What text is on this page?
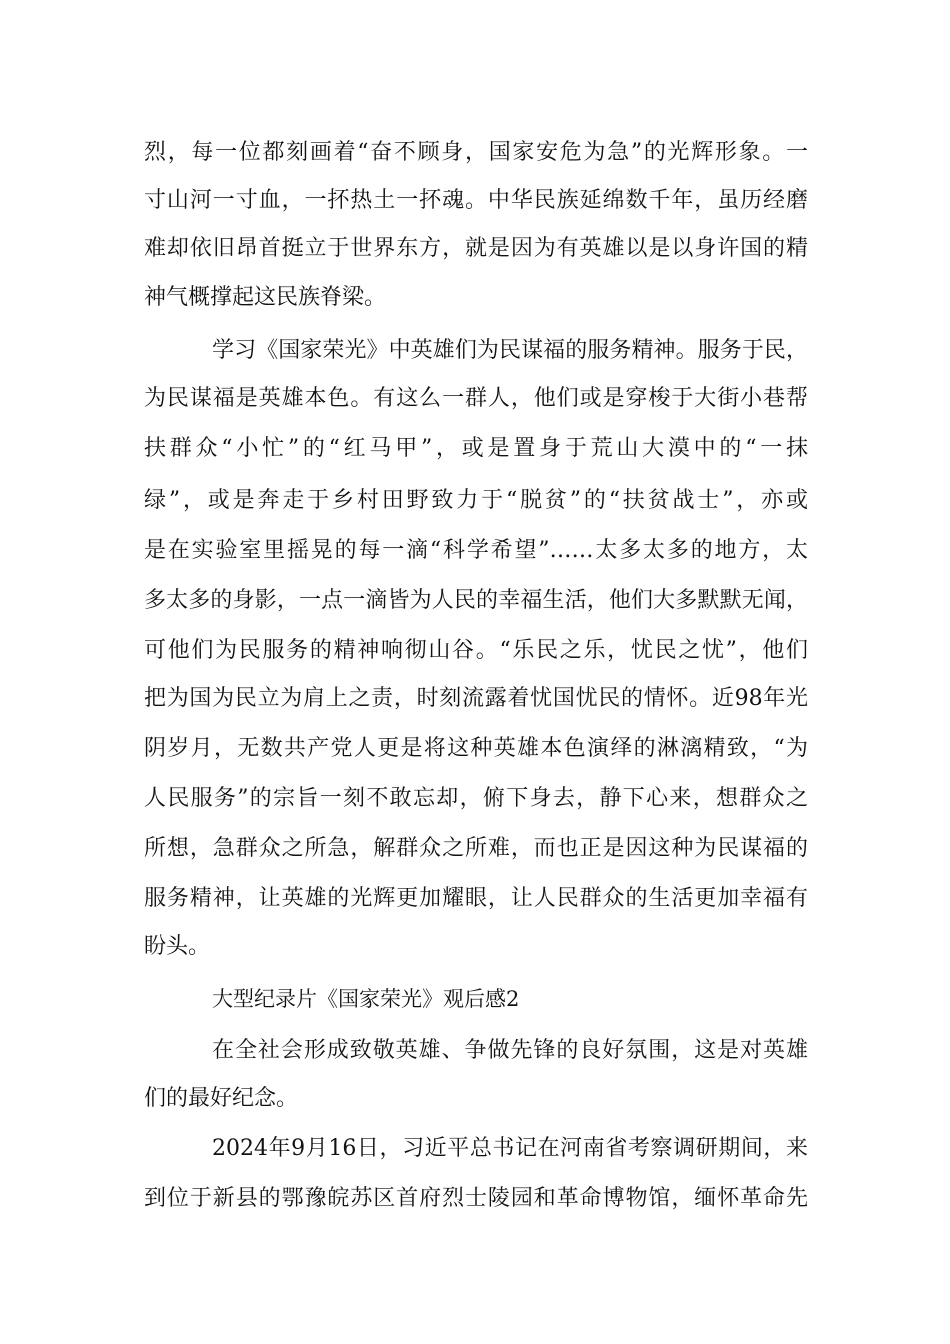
烈，每一位都刻画着“奋不顾身，国家安危为急”的光辉形象。一
寸山河一寸血，一抔热土一抔魂。中华民族延绵数千年，虽历经磨
难却依旧昂首挺立于世界东方，就是因为有英雄以是以身许国的精
神气概撑起这民族脊梁。
学习《国家荣光》中英雄们为民谋福的服务精神。服务于民，
为民谋福是英雄本色。有这么一群人，他们或是穿梭于大街小巷帮
扶群众“小忙”的“红马甲”，或是置身于荒山大漠中的“一抹
绿”，或是奔走于乡村田野致力于“脱贫”的“扶贫战士”，亦或
是在实验室里摇晃的每一滴“科学希望”……太多太多的地方，太
多太多的身影，一点一滴皆为人民的幸福生活，他们大多默默无闻，
可他们为民服务的精神响彻山谷。“乐民之乐，忧民之忧”，他们
把为国为民立为肩上之责，时刻流露着忧国忧民的情怀。近98年光
阴岁月，无数共产党人更是将这种英雄本色演绎的淋漓精致，“为
人民服务”的宗旨一刻不敢忘却，俯下身去，静下心来，想群众之
所想，急群众之所急，解群众之所难，而也正是因这种为民谋福的
服务精神，让英雄的光辉更加耀眼，让人民群众的生活更加幸福有
盼头。
大型纪录片《国家荣光》观后感2
在全社会形成致敬英雄、争做先锋的良好氛围，这是对英雄
们的最好纪念。
2024年9月16日，习近平总书记在河南省考察调研期间，来
到位于新县的鄂豫皖苏区首府烈士陵园和革命博物馆，缅怀革命先
